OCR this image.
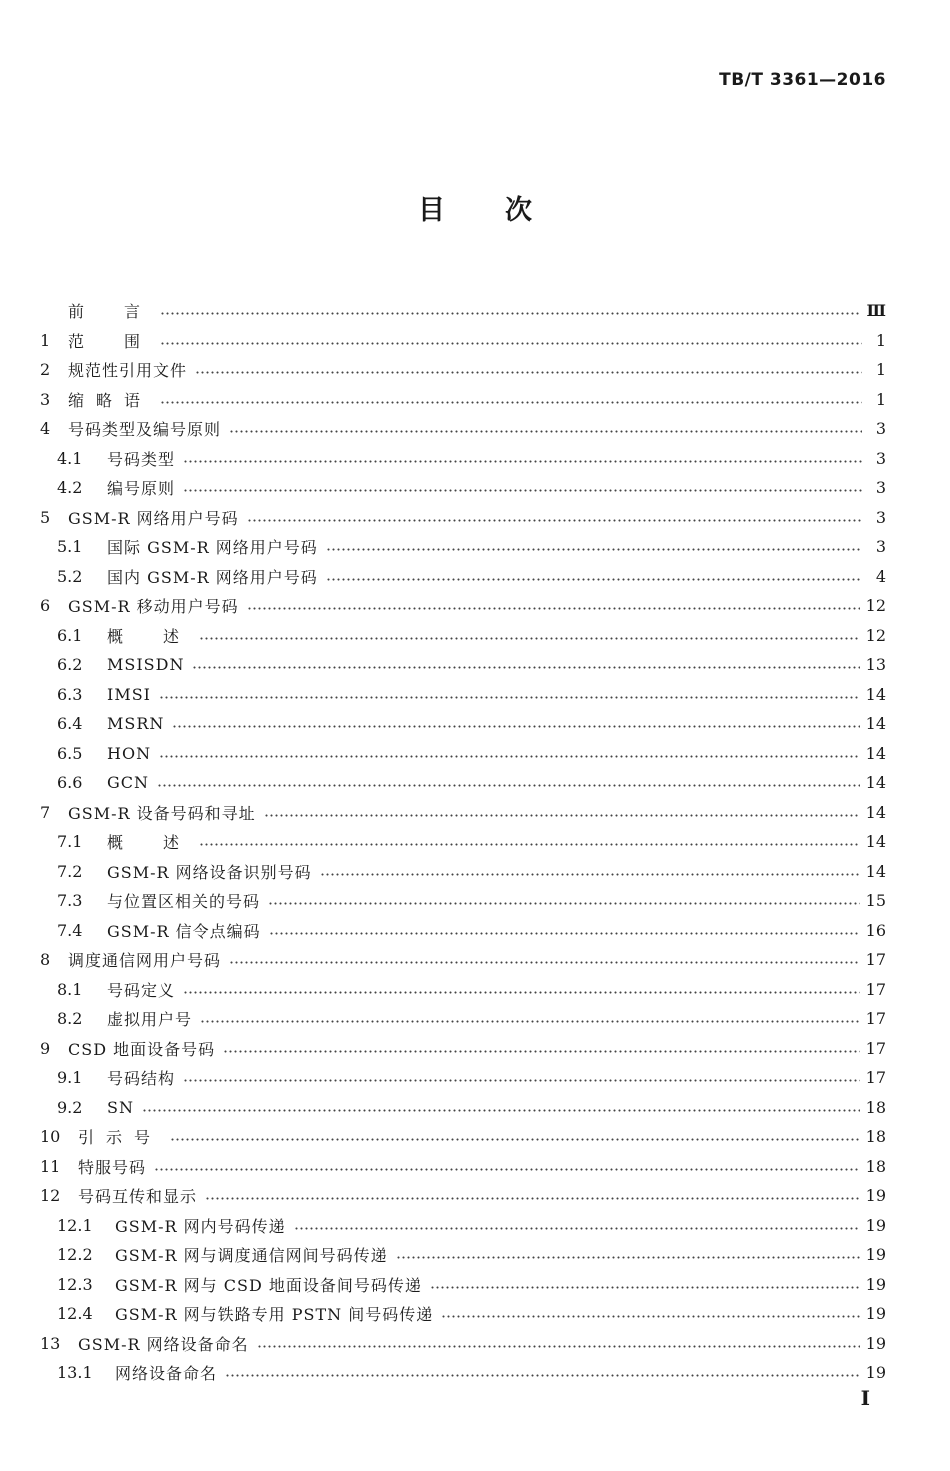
TB/T 3361—2016
目次
前　言	Ⅲ
1	范　围	1
2	规范性引用文件	1
3	缩略语	1
4	号码类型及编号原则	3
4.1	号码类型	3
4.2	编号原则	3
5	GSM-R 网络用户号码	3
5.1	国际 GSM-R 网络用户号码	3
5.2	国内 GSM-R 网络用户号码	4
6	GSM-R 移动用户号码	12
6.1	概　述	12
6.2	MSISDN	13
6.3	IMSI	14
6.4	MSRN	14
6.5	HON	14
6.6	GCN	14
7	GSM-R 设备号码和寻址	14
7.1	概　述	14
7.2	GSM-R 网络设备识别号码	14
7.3	与位置区相关的号码	15
7.4	GSM-R 信令点编码	16
8	调度通信网用户号码	17
8.1	号码定义	17
8.2	虚拟用户号	17
9	CSD 地面设备号码	17
9.1	号码结构	17
9.2	SN	18
10	引示号	18
11	特服号码	18
12	号码互传和显示	19
12.1	GSM-R 网内号码传递	19
12.2	GSM-R 网与调度通信网间号码传递	19
12.3	GSM-R 网与 CSD 地面设备间号码传递	19
12.4	GSM-R 网与铁路专用 PSTN 间号码传递	19
13	GSM-R 网络设备命名	19
13.1	网络设备命名	19
I
